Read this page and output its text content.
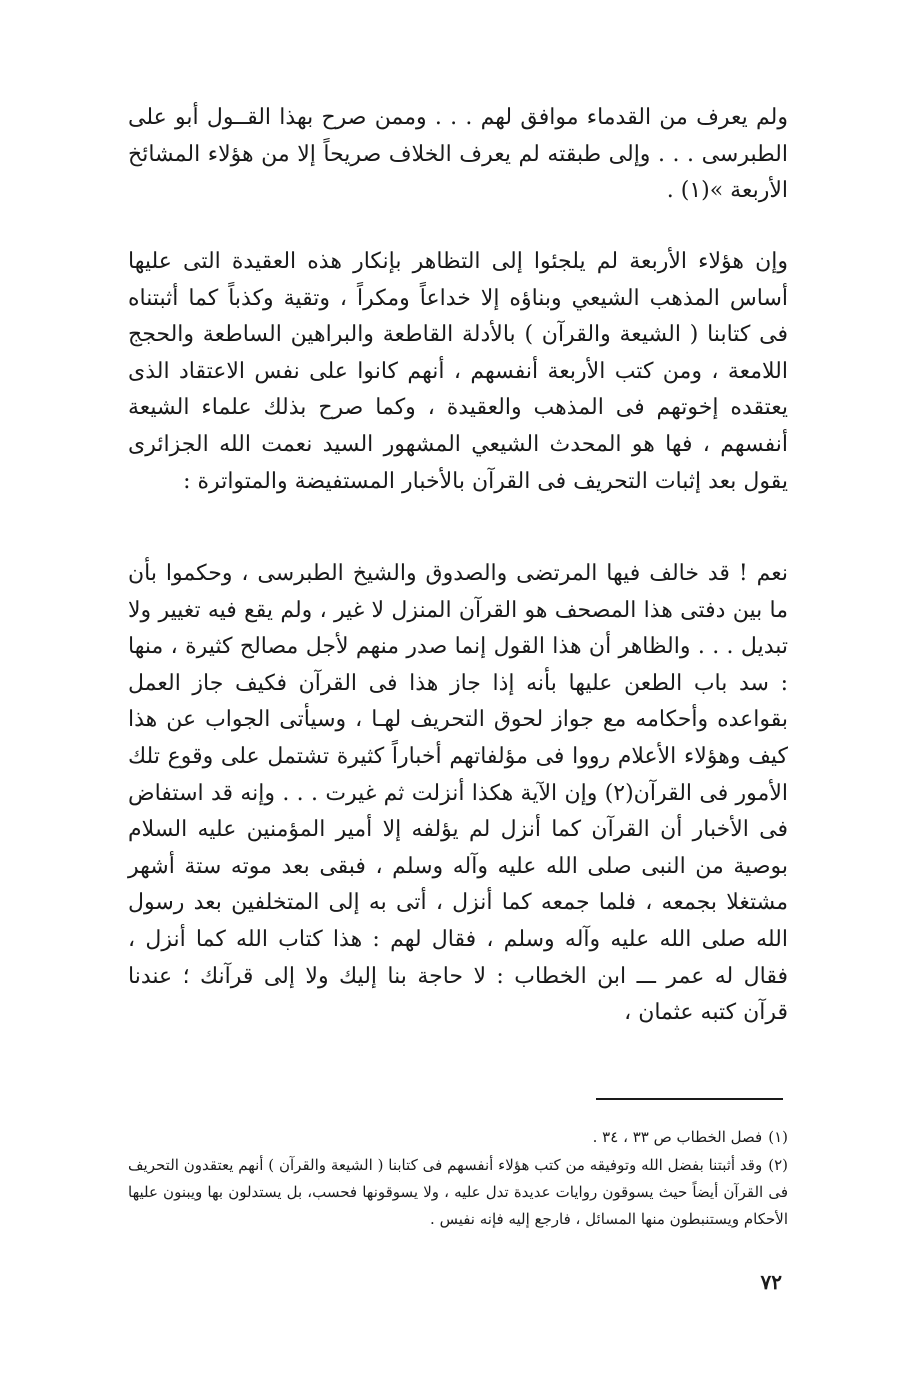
ولم يعرف من القدماء موافق لهم . . . وممن صرح بهذا القــول أبو على الطبرسى . . . وإلى طبقته لم يعرف الخلاف صريحاً إلا من هؤلاء المشائخ الأربعة »(١) .
وإن هؤلاء الأربعة لم يلجئوا إلى التظاهر بإنكار هذه العقيدة التى عليها أساس المذهب الشيعي وبناؤه إلا خداعاً ومكراً ، وتقية وكذباً كما أثبتناه فى كتابنا ( الشيعة والقرآن ) بالأدلة القاطعة والبراهين الساطعة والحجج اللامعة ، ومن كتب الأربعة أنفسهم ، أنهم كانوا على نفس الاعتقاد الذى يعتقده إخوتهم فى المذهب والعقيدة ، وكما صرح بذلك علماء الشيعة أنفسهم ، فها هو المحدث الشيعي المشهور السيد نعمت الله الجزائرى يقول بعد إثبات التحريف فى القرآن بالأخبار المستفيضة والمتواترة :
نعم ! قد خالف فيها المرتضى والصدوق والشيخ الطبرسى ، وحكموا بأن ما بين دفتى هذا المصحف هو القرآن المنزل لا غير ، ولم يقع فيه تغيير ولا تبديل . . . والظاهر أن هذا القول إنما صدر منهم لأجل مصالح كثيرة ، منها : سد باب الطعن عليها بأنه إذا جاز هذا فى القرآن فكيف جاز العمل بقواعده وأحكامه مع جواز لحوق التحريف لهـا ، وسيأتى الجواب عن هذا كيف وهؤلاء الأعلام رووا فى مؤلفاتهم أخباراً كثيرة تشتمل على وقوع تلك الأمور فى القرآن(٢) وإن الآية هكذا أنزلت ثم غيرت . . . وإنه قد استفاض فى الأخبار أن القرآن كما أنزل لم يؤلفه إلا أمير المؤمنين عليه السلام بوصية من النبى صلى الله عليه وآله وسلم ، فبقى بعد موته ستة أشهر مشتغلا بجمعه ، فلما جمعه كما أنزل ، أتى به إلى المتخلفين بعد رسول الله صلى الله عليه وآله وسلم ، فقال لهم : هذا كتاب الله كما أنزل ، فقال له عمر ـــ ابن الخطاب : لا حاجة بنا إليك ولا إلى قرآنك ؛ عندنا قرآن كتبه عثمان ،

(١)فصل الخطاب ص ٣٣ ، ٣٤ .

(٢)وقد أثبتنا بفضل الله وتوفيقه من كتب هؤلاء أنفسهم فى كتابنا ( الشيعة والقرآن ) أنهم يعتقدون التحريف فى القرآن أيضاً حيث يسوقون روايات عديدة تدل عليه ، ولا يسوقونها فحسب، بل يستدلون بها ويبنون عليها الأحكام ويستنبطون منها المسائل ، فارجع إليه فإنه نفيس .

٧٢
